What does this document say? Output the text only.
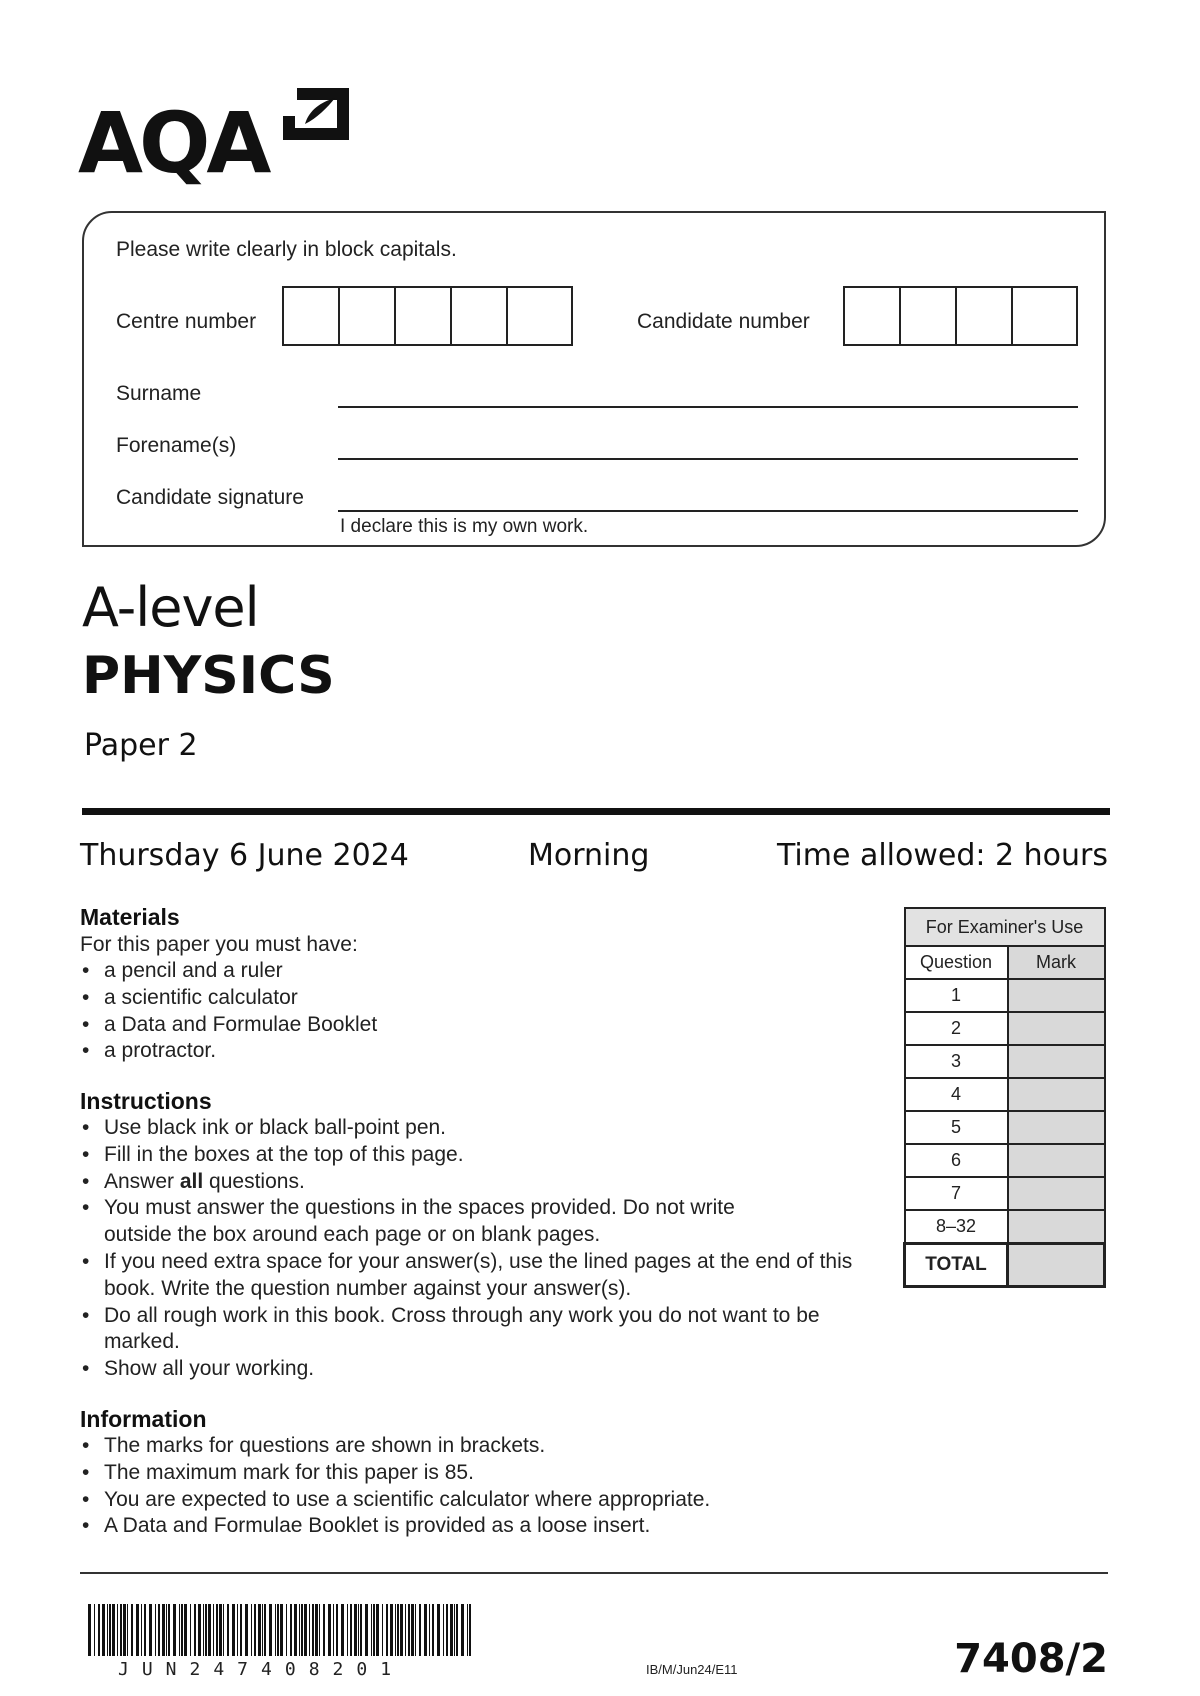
AQA
Please write clearly in block capitals.
Centre number	Candidate number
Surname
Forename(s)
Candidate signature
I declare this is my own work.
A-level
PHYSICS
Paper 2
Thursday 6 June 2024	Morning	Time allowed: 2 hours
Materials
For this paper you must have:
• a pencil and a ruler
• a scientific calculator
• a Data and Formulae Booklet
• a protractor.
Instructions
• Use black ink or black ball-point pen.
• Fill in the boxes at the top of this page.
• Answer all questions.
• You must answer the questions in the spaces provided. Do not write outside the box around each page or on blank pages.
• If you need extra space for your answer(s), use the lined pages at the end of this book. Write the question number against your answer(s).
• Do all rough work in this book. Cross through any work you do not want to be marked.
• Show all your working.
Information
• The marks for questions are shown in brackets.
• The maximum mark for this paper is 85.
• You are expected to use a scientific calculator where appropriate.
• A Data and Formulae Booklet is provided as a loose insert.
For Examiner's Use	
Question	Mark
1	
2	
3	
4	
5	
6	
7	
8–32	
TOTAL	
JUN247408201	IB/M/Jun24/E11	7408/2
